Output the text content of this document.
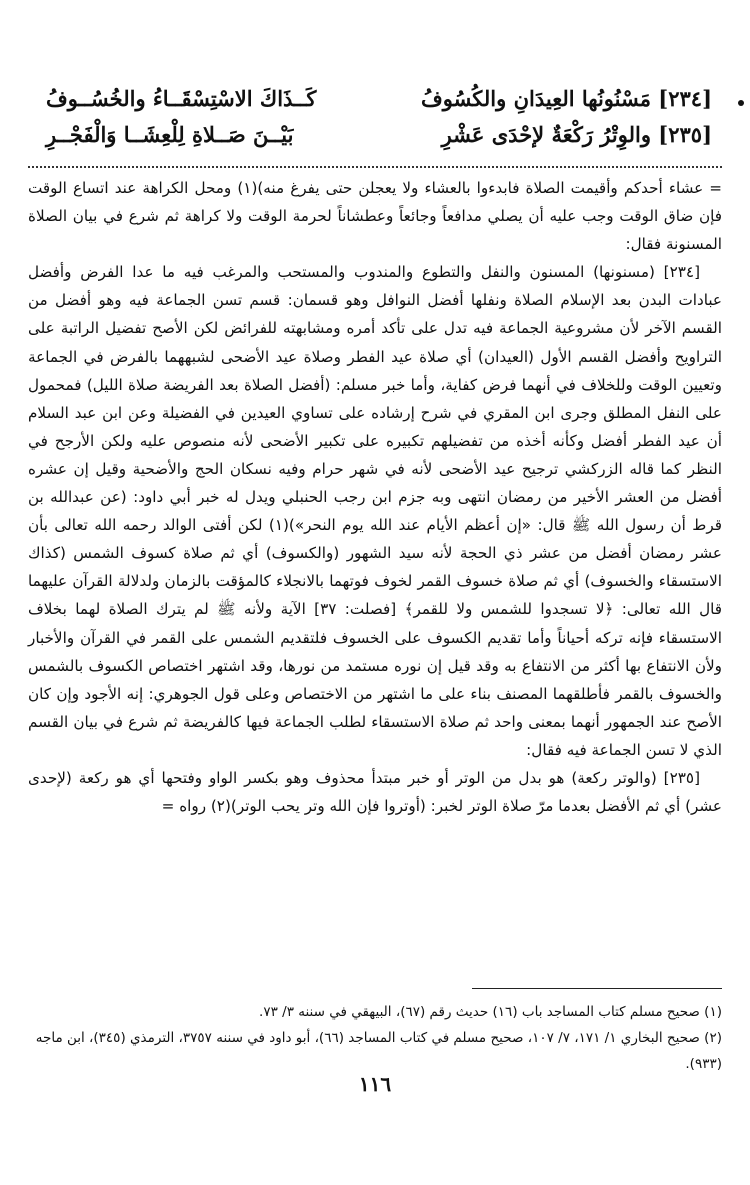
[٢٣٤] مَسْنُونُها العِيدَانِ والكُسُوفُ
كَــذَاكَ الاسْتِسْقَــاءُ والخُسُــوفُ
[٢٣٥] والوِتْرُ رَكْعَةٌ لإحْدَى عَشْرِ
بَيْــنَ صَــلاةِ لِلْعِشَــا وَالْفَجْــرِ

= عشاء أحدكم وأقيمت الصلاة فابدءوا بالعشاء ولا يعجلن حتى يفرغ منه)(١) ومحل الكراهة عند اتساع الوقت فإن ضاق الوقت وجب عليه أن يصلي مدافعاً وجائعاً وعطشاناً لحرمة الوقت ولا كراهة ثم شرع في بيان الصلاة المسنونة فقال:

[٢٣٤] (مسنونها) المسنون والنفل والتطوع والمندوب والمستحب والمرغب فيه ما عدا الفرض وأفضل عبادات البدن بعد الإسلام الصلاة ونفلها أفضل النوافل وهو قسمان: قسم تسن الجماعة فيه وهو أفضل من القسم الآخر لأن مشروعية الجماعة فيه تدل على تأكد أمره ومشابهته للفرائض لكن الأصح تفضيل الراتبة على التراويح وأفضل القسم الأول (العيدان) أي صلاة عيد الفطر وصلاة عيد الأضحى لشبههما بالفرض في الجماعة وتعيين الوقت وللخلاف في أنهما فرض كفاية، وأما خبر مسلم: (أفضل الصلاة بعد الفريضة صلاة الليل) فمحمول على النفل المطلق وجرى ابن المقري في شرح إرشاده على تساوي العيدين في الفضيلة وعن ابن عبد السلام أن عيد الفطر أفضل وكأنه أخذه من تفضيلهم تكبيره على تكبير الأضحى لأنه منصوص عليه ولكن الأرجح في النظر كما قاله الزركشي ترجيح عيد الأضحى لأنه في شهر حرام وفيه نسكان الحج والأضحية وقيل إن عشره أفضل من العشر الأخير من رمضان انتهى وبه جزم ابن رجب الحنبلي ويدل له خبر أبي داود: (عن عبدالله بن قرط أن رسول الله ﷺ قال: «إن أعظم الأيام عند الله يوم النحر»)(١) لكن أفتى الوالد رحمه الله تعالى بأن عشر رمضان أفضل من عشر ذي الحجة لأنه سيد الشهور (والكسوف) أي ثم صلاة كسوف الشمس (كذاك الاستسقاء والخسوف) أي ثم صلاة خسوف القمر لخوف فوتهما بالانجلاء كالمؤقت بالزمان ولدلالة القرآن عليهما قال الله تعالى: ﴿لا تسجدوا للشمس ولا للقمر﴾ [فصلت: ٣٧] الآية ولأنه ﷺ لم يترك الصلاة لهما بخلاف الاستسقاء فإنه تركه أحياناً وأما تقديم الكسوف على الخسوف فلتقديم الشمس على القمر في القرآن والأخبار ولأن الانتفاع بها أكثر من الانتفاع به وقد قيل إن نوره مستمد من نورها، وقد اشتهر اختصاص الكسوف بالشمس والخسوف بالقمر فأطلقهما المصنف بناء على ما اشتهر من الاختصاص وعلى قول الجوهري: إنه الأجود وإن كان الأصح عند الجمهور أنهما بمعنى واحد ثم صلاة الاستسقاء لطلب الجماعة فيها كالفريضة ثم شرع في بيان القسم الذي لا تسن الجماعة فيه فقال:

[٢٣٥] (والوتر ركعة) هو بدل من الوتر أو خبر مبتدأ محذوف وهو بكسر الواو وفتحها أي هو ركعة (لإحدى عشر) أي ثم الأفضل بعدما مرّ صلاة الوتر لخبر: (أوتروا فإن الله وتر يحب الوتر)(٢) رواه =

(١) صحيح مسلم كتاب المساجد باب (١٦) حديث رقم (٦٧)، البيهقي في سننه ٣/ ٧٣.

(٢) صحيح البخاري ١/ ١٧١، ٧/ ١٠٧، صحيح مسلم في كتاب المساجد (٦٦)، أبو داود في سننه ٣٧٥٧، الترمذي (٣٤٥)، ابن ماجه (٩٣٣).

١١٦
